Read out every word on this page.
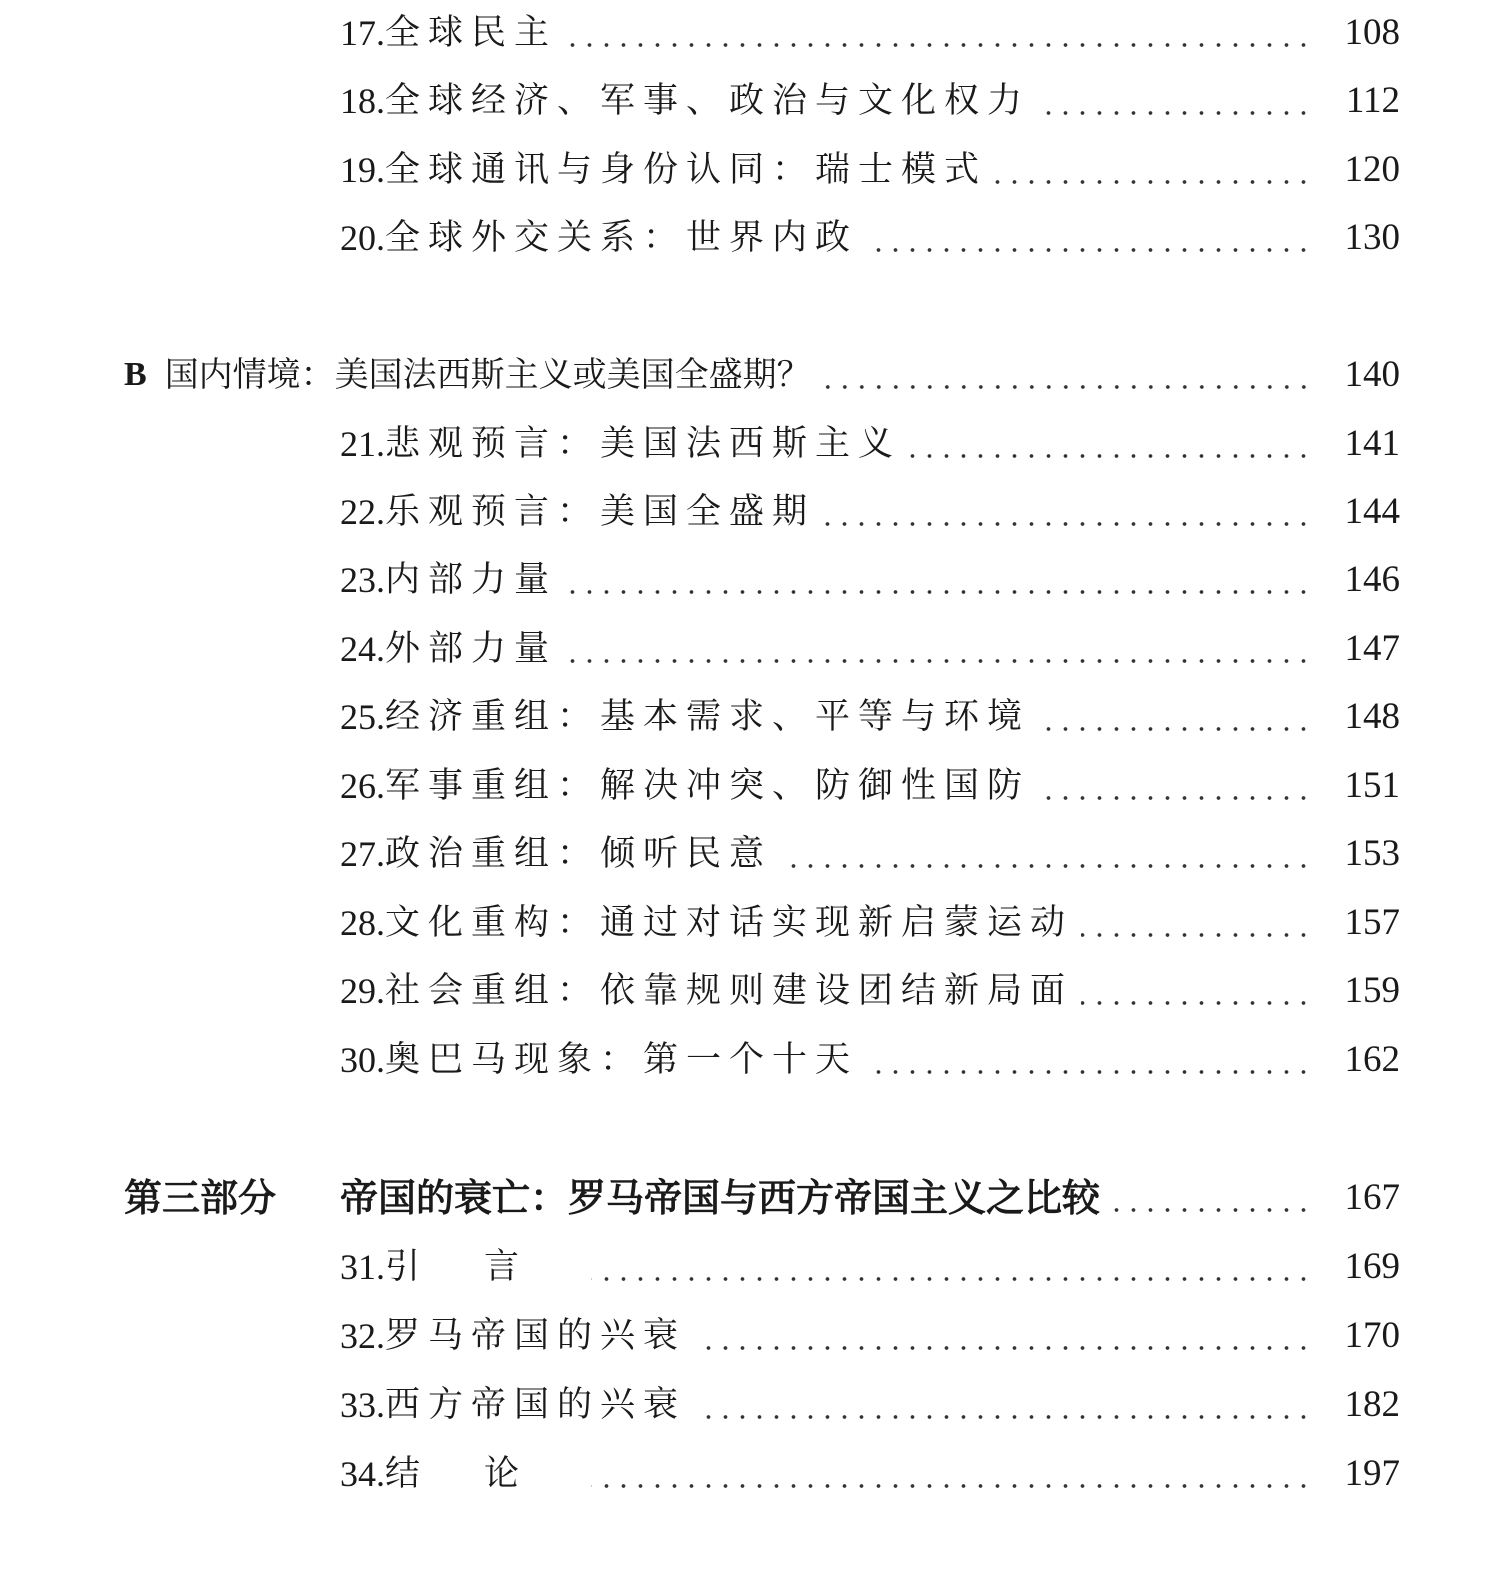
17. 全球民主	108
18. 全球经济、军事、政治与文化权力	112
19. 全球通讯与身份认同：瑞士模式	120
20. 全球外交关系：世界内政	130
B 国内情境：美国法西斯主义或美国全盛期？	140
21. 悲观预言：美国法西斯主义	141
22. 乐观预言：美国全盛期	144
23. 内部力量	146
24. 外部力量	147
25. 经济重组：基本需求、平等与环境	148
26. 军事重组：解决冲突、防御性国防	151
27. 政治重组：倾听民意	153
28. 文化重构：通过对话实现新启蒙运动	157
29. 社会重组：依靠规则建设团结新局面	159
30. 奥巴马现象：第一个十天	162
第三部分	帝国的衰亡：罗马帝国与西方帝国主义之比较	167
31. 引言	169
32. 罗马帝国的兴衰	170
33. 西方帝国的兴衰	182
34. 结论	197
